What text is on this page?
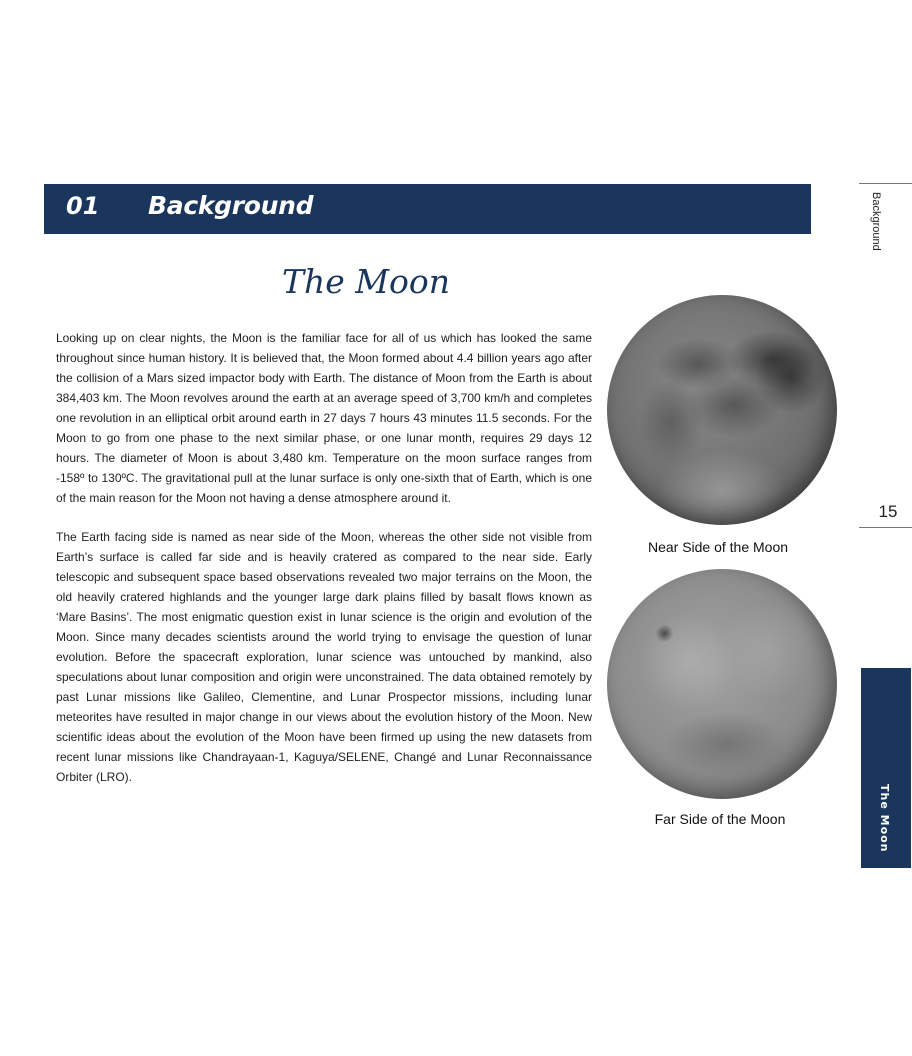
01 Background
The Moon

Looking up on clear nights, the Moon is the familiar face for all of us which has looked the same throughout since human history. It is believed that, the Moon formed about 4.4 billion years ago after the collision of a Mars sized impactor body with Earth. The distance of Moon from the Earth is about 384,403 km. The Moon revolves around the earth at an average speed of 3,700 km/h and completes one revolution in an elliptical orbit around earth in 27 days 7 hours 43 minutes 11.5 seconds. For the Moon to go from one phase to the next similar phase, or one lunar month, requires 29 days 12 hours. The diameter of Moon is about 3,480 km. Temperature on the moon surface ranges from -158º to 130ºC. The gravitational pull at the lunar surface is only one-sixth that of Earth, which is one of the main reason for the Moon not having a dense atmosphere around it.

The Earth facing side is named as near side of the Moon, whereas the other side not visible from Earth’s surface is called far side and is heavily cratered as compared to the near side. Early telescopic and subsequent space based observations revealed two major terrains on the Moon, the old heavily cratered highlands and the younger large dark plains filled by basalt flows known as ‘Mare Basins’. The most enigmatic question exist in lunar science is the origin and evolution of the Moon. Since many decades scientists around the world trying to envisage the question of lunar evolution. Before the spacecraft exploration, lunar science was untouched by mankind, also speculations about lunar composition and origin were unconstrained. The data obtained remotely by past Lunar missions like Galileo, Clementine, and Lunar Prospector missions, including lunar meteorites have resulted in major change in our views about the evolution history of the Moon. New scientific ideas about the evolution of the Moon have been firmed up using the new datasets from recent lunar missions like Chandrayaan-1, Kaguya/SELENE, Changé and Lunar Reconnaissance Orbiter (LRO).

Near Side of the Moon
Far Side of the Moon
Background
15
The Moon
